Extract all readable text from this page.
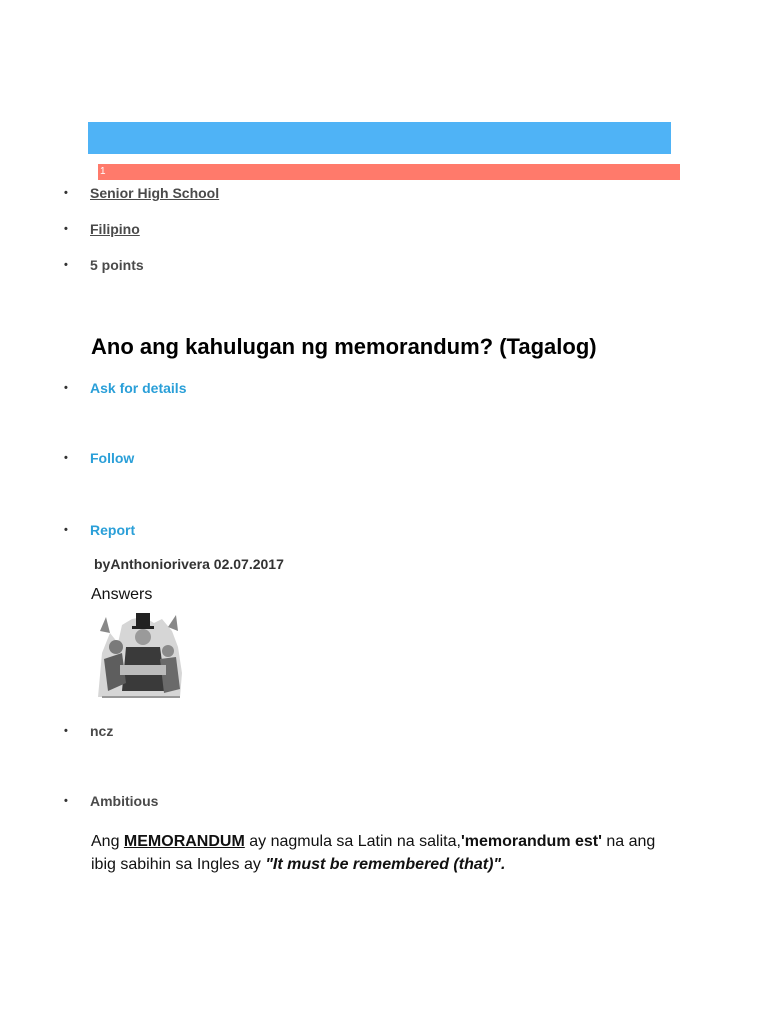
1
• Senior High School
• Filipino
• 5 points
Ano ang kahulugan ng memorandum? (Tagalog)
• Ask for details
• Follow
• Report
byAnthoniorivera 02.07.2017
Answers
• ncz
• Ambitious
Ang MEMORANDUM ay nagmula sa Latin na salita,'memorandum est' na ang ibig sabihin sa Ingles ay "It must be remembered (that)".
